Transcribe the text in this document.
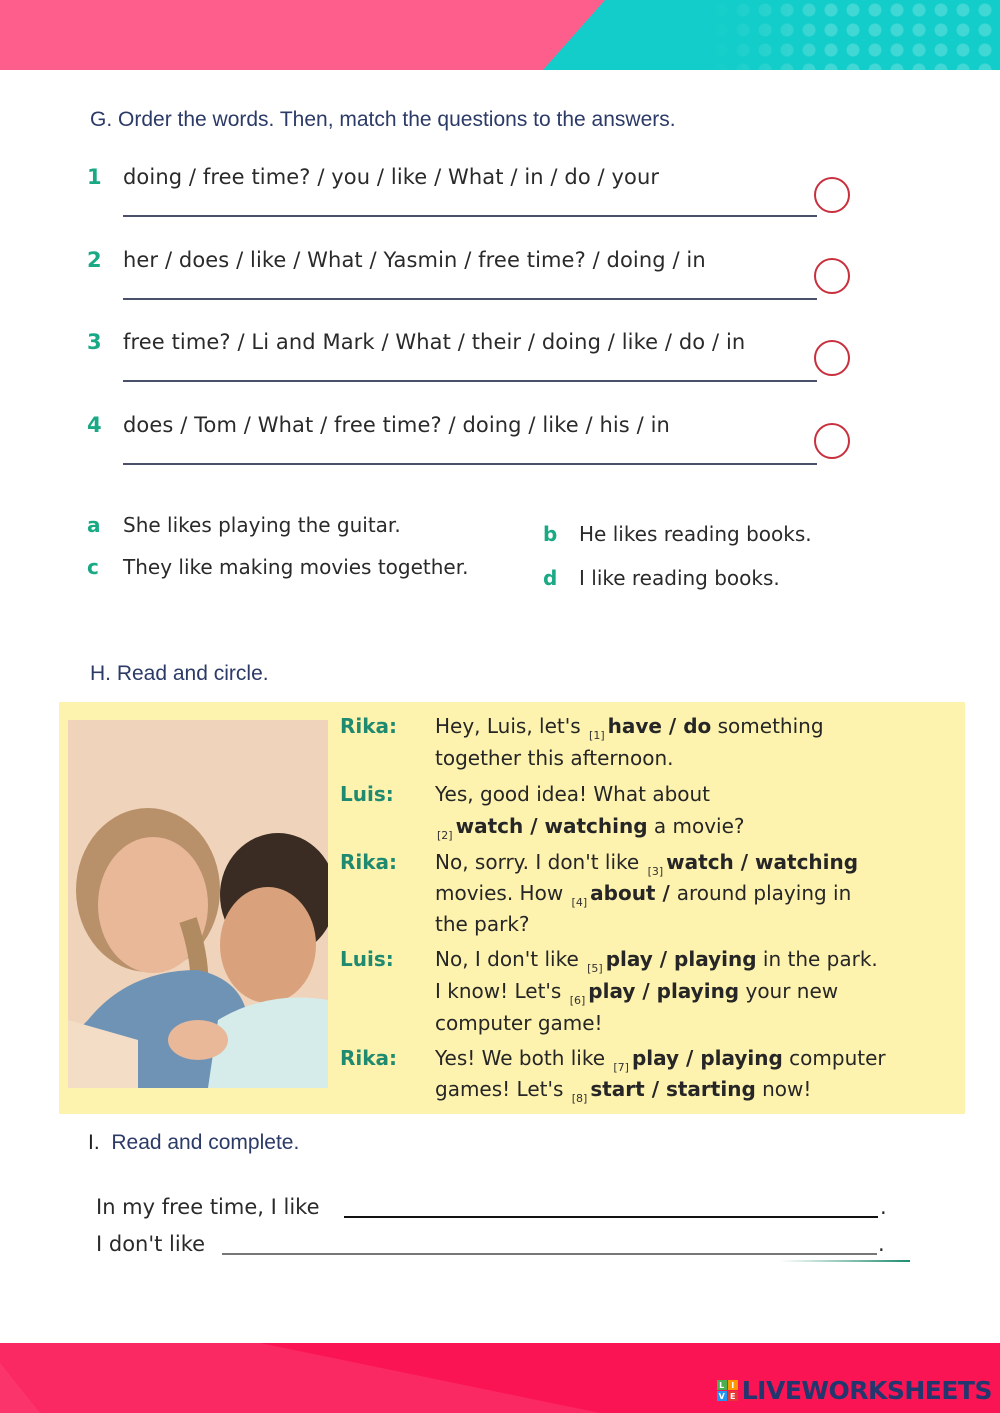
G. Order the words. Then, match the questions to the answers.
1 doing / free time? / you / like / What / in / do / your
2 her / does / like / What / Yasmin / free time? / doing / in
3 free time? / Li and Mark / What / their / doing / like / do / in
4 does / Tom / What / free time? / doing / like / his / in
a She likes playing the guitar.	b He likes reading books.
c They like making movies together.	d I like reading books.
H. Read and circle.
Rika: Hey, Luis, let's $_{[1]}$ have / do something
together this afternoon.
Luis: Yes, good idea! What about
$_{[2]}$ watch / watching a movie?
Rika: No, sorry. I don't like $_{[3]}$ watch / watching
movies. How $_{[4]}$ about / around playing in
the park?
Luis: No, I don't like $_{[5]}$ play / playing in the park.
I know! Let's $_{[6]}$ play / playing your new
computer game!
Rika: Yes! We both like $_{[7]}$ play / playing computer
games! Let's $_{[8]}$ start / starting now!
I. Read and complete.
In my free time, I like	.
I don't like	.
L I
V E LIVEWORKSHEETS
